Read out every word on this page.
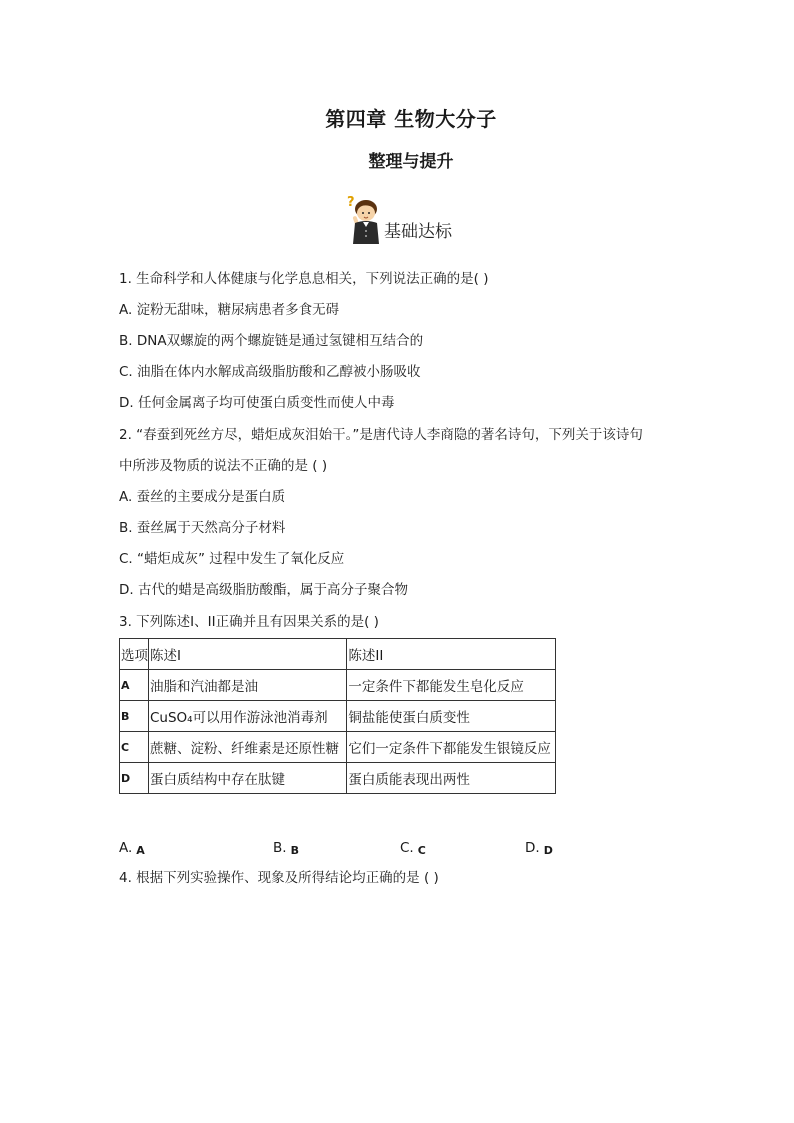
第四章 生物大分子
整理与提升
?
基础达标
1. 生命科学和人体健康与化学息息相关，下列说法正确的是( )
A. 淀粉无甜味，糖尿病患者多食无碍
B. DNA双螺旋的两个螺旋链是通过氢键相互结合的
C. 油脂在体内水解成高级脂肪酸和乙醇被小肠吸收
D. 任何金属离子均可使蛋白质变性而使人中毒
2. “春蚕到死丝方尽，蜡炬成灰泪始干。”是唐代诗人李商隐的著名诗句，下列关于该诗句
中所涉及物质的说法不正确的是 ( )
A. 蚕丝的主要成分是蛋白质
B. 蚕丝属于天然高分子材料
C. “蜡炬成灰” 过程中发生了氧化反应
D. 古代的蜡是高级脂肪酸酯，属于高分子聚合物
3. 下列陈述I、II正确并且有因果关系的是( )
选项	陈述I	陈述II
A	油脂和汽油都是油	一定条件下都能发生皂化反应
B	CuSO₄可以用作游泳池消毒剂	铜盐能使蛋白质变性
C	蔗糖、淀粉、纤维素是还原性糖	它们一定条件下都能发生银镜反应
D	蛋白质结构中存在肽键	蛋白质能表现出两性
A. A	B. B	C. C	D. D
4. 根据下列实验操作、现象及所得结论均正确的是 ( )
